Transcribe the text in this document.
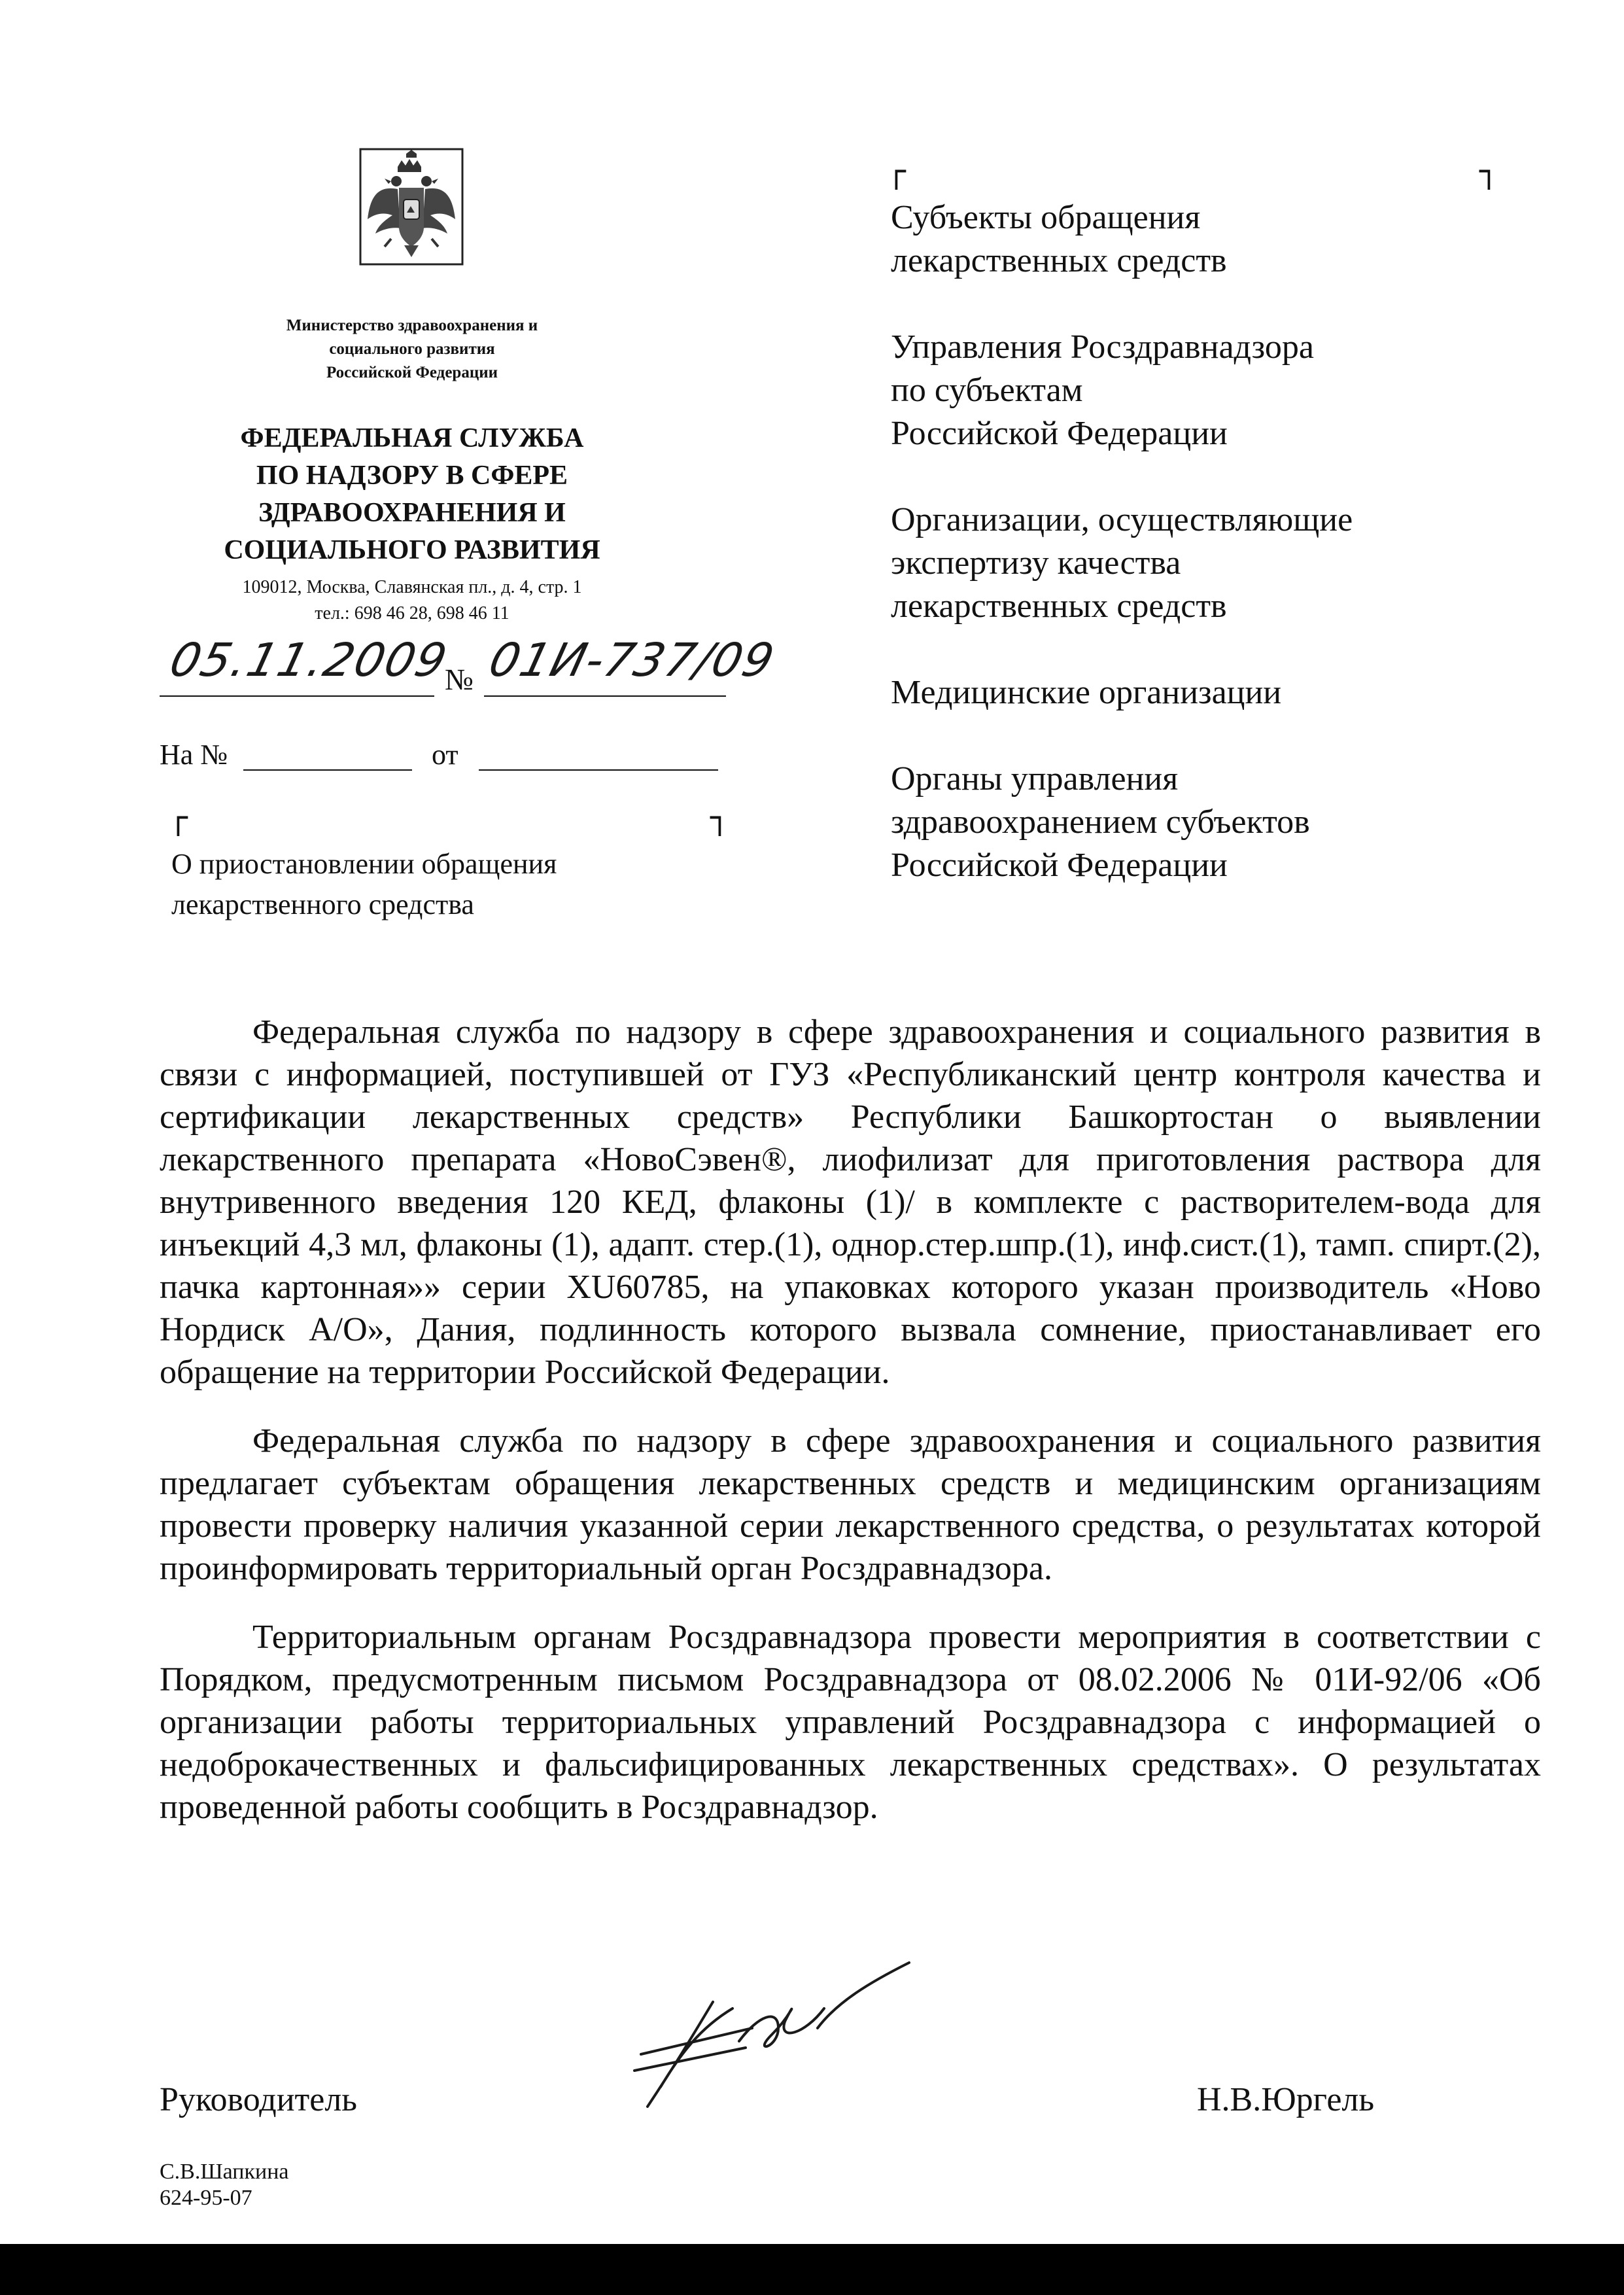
Министерство здравоохранения и
социального развития
Российской Федерации
ФЕДЕРАЛЬНАЯ СЛУЖБА
ПО НАДЗОРУ В СФЕРЕ
ЗДРАВООХРАНЕНИЯ И
СОЦИАЛЬНОГО РАЗВИТИЯ
109012, Москва, Славянская пл., д. 4, стр. 1
тел.: 698 46 28, 698 46 11
05.11.2009
№ 01И-737/09
На №	от
┌	┐
О приостановлении обращения
лекарственного средства
┌	┐

Субъекты обращения
лекарственных средств

Управления Росздравнадзора
по субъектам
Российской Федерации

Организации, осуществляющие
экспертизу качества
лекарственных средств

Медицинские организации

Органы управления
здравоохранением субъектов
Российской Федерации

Федеральная служба по надзору в сфере здравоохранения и социального развития в связи с информацией, поступившей от ГУЗ «Республиканский центр контроля качества и сертификации лекарственных средств» Республики Башкортостан о выявлении лекарственного препарата «НовоСэвен®, лиофилизат для приготовления раствора для внутривенного введения 120 КЕД, флаконы (1)/ в комплекте с растворителем-вода для инъекций 4,3 мл, флаконы (1), адапт. стер.(1), однор.стер.шпр.(1), инф.сист.(1), тамп. спирт.(2), пачка картонная»» серии XU60785, на упаковках которого указан производитель «Ново Нордиск А/О», Дания, подлинность которого вызвала сомнение, приостанавливает его обращение на территории Российской Федерации.

Федеральная служба по надзору в сфере здравоохранения и социального развития предлагает субъектам обращения лекарственных средств и медицинским организациям провести проверку наличия указанной серии лекарственного средства, о результатах которой проинформировать территориальный орган Росздравнадзора.

Территориальным органам Росздравнадзора провести мероприятия в соответствии с Порядком, предусмотренным письмом Росздравнадзора от 08.02.2006 № 01И-92/06 «Об организации работы территориальных управлений Росздравнадзора с информацией о недоброкачественных и фальсифицированных лекарственных средствах». О результатах проведенной работы сообщить в Росздравнадзор.

Руководитель	Н.В.Юргель
С.В.Шапкина
624-95-07
